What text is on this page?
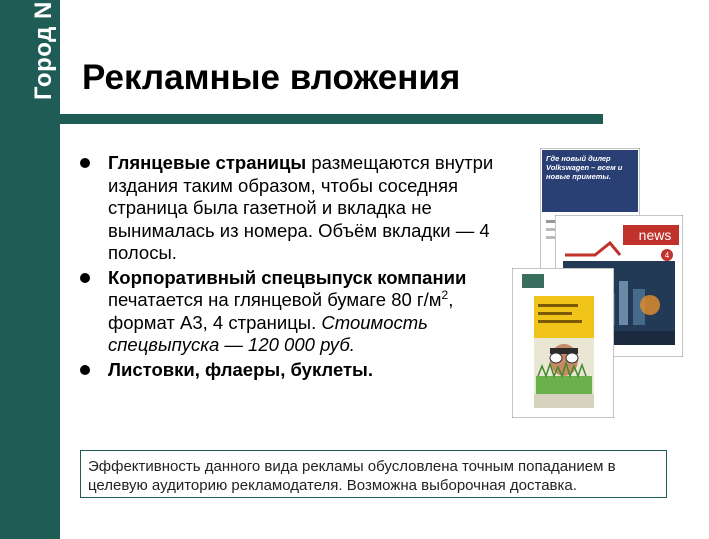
Город N Рекламные вложения
Глянцевые страницы размещаются внутри издания таким образом, чтобы соседняя страница была газетной и вкладка не вынималась из номера. Объём вкладки — 4 полосы.
Корпоративный спецвыпуск компании печатается на глянцевой бумаге 80 $г/м^2$, формат А3, 4 страницы. Стоимость спецвыпуска — 120 000 руб.
Листовки, флаеры, буклеты.
Где новый дилер Volkswagen – всем и новые приметы.
news
4
Эффективность данного вида рекламы обусловлена точным попаданием в целевую аудиторию рекламодателя. Возможна выборочная доставка.
